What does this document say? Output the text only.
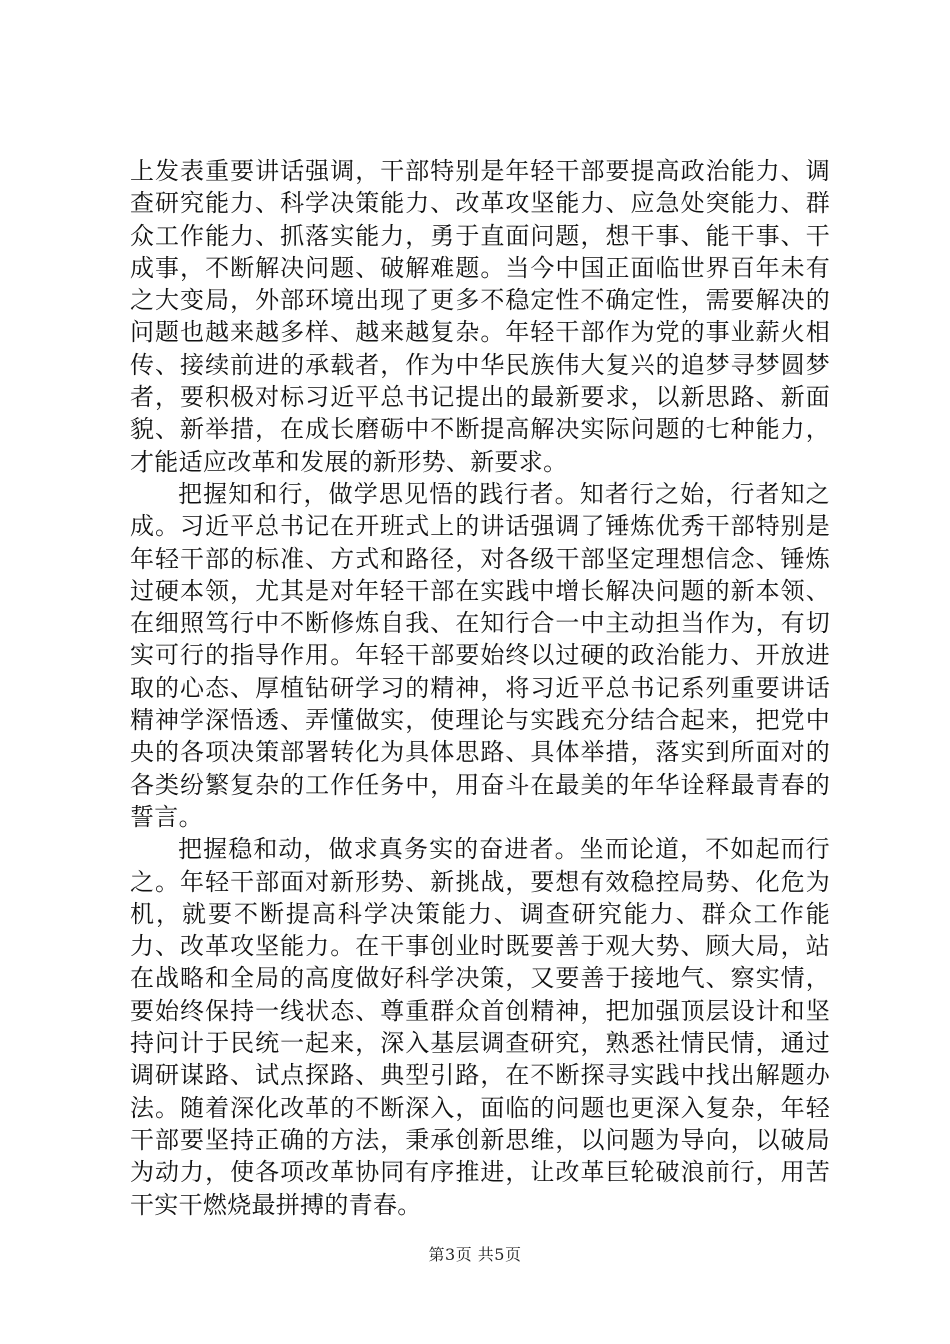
上发表重要讲话强调，干部特别是年轻干部要提高政治能力、调查研究能力、科学决策能力、改革攻坚能力、应急处突能力、群众工作能力、抓落实能力，勇于直面问题，想干事、能干事、干成事，不断解决问题、破解难题。当今中国正面临世界百年未有之大变局，外部环境出现了更多不稳定性不确定性，需要解决的问题也越来越多样、越来越复杂。年轻干部作为党的事业薪火相传、接续前进的承载者，作为中华民族伟大复兴的追梦寻梦圆梦者，要积极对标习近平总书记提出的最新要求，以新思路、新面貌、新举措，在成长磨砺中不断提高解决实际问题的七种能力，才能适应改革和发展的新形势、新要求。

把握知和行，做学思见悟的践行者。知者行之始，行者知之成。习近平总书记在开班式上的讲话强调了锤炼优秀干部特别是年轻干部的标准、方式和路径，对各级干部坚定理想信念、锤炼过硬本领，尤其是对年轻干部在实践中增长解决问题的新本领、在细照笃行中不断修炼自我、在知行合一中主动担当作为，有切实可行的指导作用。年轻干部要始终以过硬的政治能力、开放进取的心态、厚植钻研学习的精神，将习近平总书记系列重要讲话精神学深悟透、弄懂做实，使理论与实践充分结合起来，把党中央的各项决策部署转化为具体思路、具体举措，落实到所面对的各类纷繁复杂的工作任务中，用奋斗在最美的年华诠释最青春的誓言。

把握稳和动，做求真务实的奋进者。坐而论道，不如起而行之。年轻干部面对新形势、新挑战，要想有效稳控局势、化危为机，就要不断提高科学决策能力、调查研究能力、群众工作能力、改革攻坚能力。在干事创业时既要善于观大势、顾大局，站在战略和全局的高度做好科学决策，又要善于接地气、察实情，要始终保持一线状态、尊重群众首创精神，把加强顶层设计和坚持问计于民统一起来，深入基层调查研究，熟悉社情民情，通过调研谋路、试点探路、典型引路，在不断探寻实践中找出解题办法。随着深化改革的不断深入，面临的问题也更深入复杂，年轻干部要坚持正确的方法，秉承创新思维，以问题为导向，以破局为动力，使各项改革协同有序推进，让改革巨轮破浪前行，用苦干实干燃烧最拼搏的青春。

第3页 共5页
